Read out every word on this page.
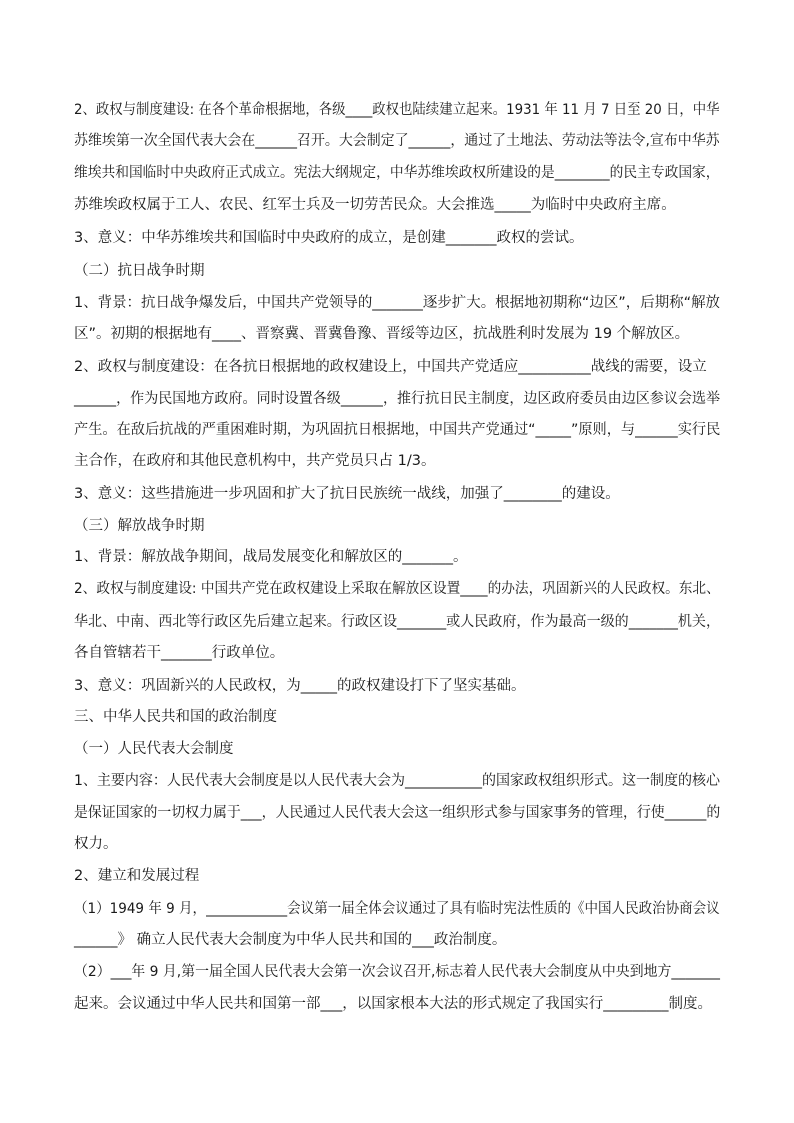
2、政权与制度建设: 在各个革命根据地，各级____政权也陆续建立起来。1931 年 11 月 7 日至 20 日，中华
苏维埃第一次全国代表大会在______召开。大会制定了______，通过了土地法、劳动法等法令,宣布中华苏
维埃共和国临时中央政府正式成立。宪法大纲规定，中华苏维埃政权所建设的是________的民主专政国家，
苏维埃政权属于工人、农民、红军士兵及一切劳苦民众。大会推选_____为临时中央政府主席。
3、意义：中华苏维埃共和国临时中央政府的成立，是创建_______政权的尝试。
（二）抗日战争时期
1、背景：抗日战争爆发后，中国共产党领导的_______逐步扩大。根据地初期称“边区”，后期称“解放
区”。初期的根据地有____、晋察冀、晋冀鲁豫、晋绥等边区，抗战胜利时发展为 19 个解放区。
2、政权与制度建设：在各抗日根据地的政权建设上，中国共产党适应__________战线的需要，设立
______，作为民国地方政府。同时设置各级______，推行抗日民主制度，边区政府委员由边区参议会选举
产生。在敌后抗战的严重困难时期，为巩固抗日根据地，中国共产党通过“_____”原则，与______实行民
主合作，在政府和其他民意机构中，共产党员只占 1/3。
3、意义：这些措施进一步巩固和扩大了抗日民族统一战线，加强了________的建设。
（三）解放战争时期
1、背景：解放战争期间，战局发展变化和解放区的_______。
2、政权与制度建设: 中国共产党在政权建设上采取在解放区设置____的办法，巩固新兴的人民政权。东北、
华北、中南、西北等行政区先后建立起来。行政区设_______或人民政府，作为最高一级的_______机关，
各自管辖若干_______行政单位。
3、意义：巩固新兴的人民政权，为_____的政权建设打下了坚实基础。
三、中华人民共和国的政治制度
（一）人民代表大会制度
1、主要内容：人民代表大会制度是以人民代表大会为___________的国家政权组织形式。这一制度的核心
是保证国家的一切权力属于___，人民通过人民代表大会这一组织形式参与国家事务的管理，行使______的
权力。
2、建立和发展过程
（1）1949 年 9 月，____________会议第一届全体会议通过了具有临时宪法性质的《中国人民政治协商会议
______》 确立人民代表大会制度为中华人民共和国的___政治制度。
（2）___年 9 月,第一届全国人民代表大会第一次会议召开,标志着人民代表大会制度从中央到地方_______
起来。会议通过中华人民共和国第一部___，以国家根本大法的形式规定了我国实行_________制度。
